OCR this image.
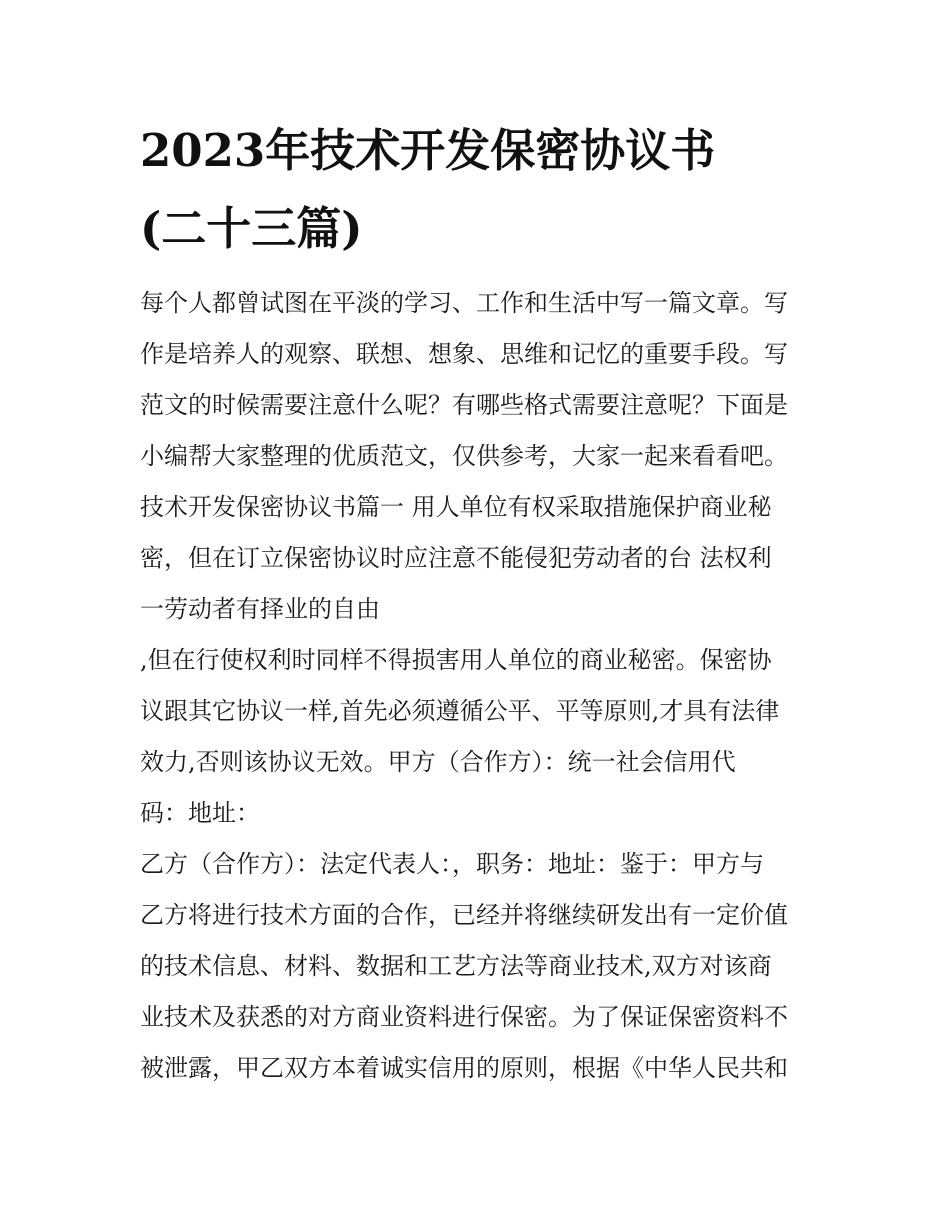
2023年技术开发保密协议书
(二十三篇)
每个人都曾试图在平淡的学习、工作和生活中写一篇文章。写
作是培养人的观察、联想、想象、思维和记忆的重要手段。写
范文的时候需要注意什么呢？有哪些格式需要注意呢？下面是
小编帮大家整理的优质范文，仅供参考，大家一起来看看吧。
技术开发保密协议书篇一 用人单位有权采取措施保护商业秘
密，但在订立保密协议时应注意不能侵犯劳动者的台 法权利
一劳动者有择业的自由
,但在行使权利时同样不得损害用人单位的商业秘密。保密协
议跟其它协议一样,首先必须遵循公平、平等原则,才具有法律
效力,否则该协议无效。甲方（合作方）：统一社会信用代
码：地址：
乙方（合作方）：法定代表人：，职务：地址：鉴于：甲方与
乙方将进行技术方面的合作，已经并将继续研发出有一定价值
的技术信息、材料、数据和工艺方法等商业技术,双方对该商
业技术及获悉的对方商业资料进行保密。为了保证保密资料不
被泄露，甲乙双方本着诚实信用的原则，根据《中华人民共和
